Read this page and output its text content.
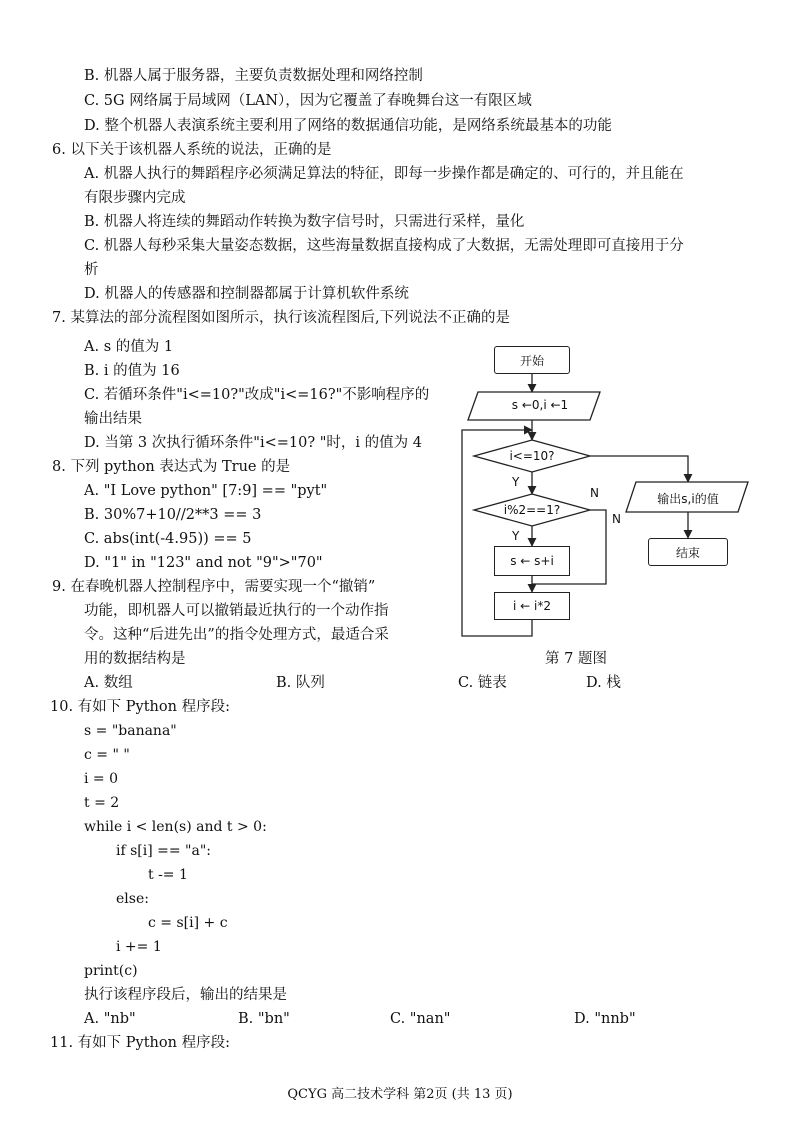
B. 机器人属于服务器，主要负责数据处理和网络控制
C. 5G 网络属于局域网（LAN），因为它覆盖了春晚舞台这一有限区域
D. 整个机器人表演系统主要利用了网络的数据通信功能，是网络系统最基本的功能
6. 以下关于该机器人系统的说法，正确的是
A. 机器人执行的舞蹈程序必须满足算法的特征，即每一步操作都是确定的、可行的，并且能在
有限步骤内完成
B. 机器人将连续的舞蹈动作转换为数字信号时，只需进行采样，量化
C. 机器人每秒采集大量姿态数据，这些海量数据直接构成了大数据，无需处理即可直接用于分
析
D. 机器人的传感器和控制器都属于计算机软件系统
7. 某算法的部分流程图如图所示，执行该流程图后,下列说法不正确的是
A. s 的值为 1
B. i 的值为 16
C. 若循环条件"i<=10?"改成"i<=16?"不影响程序的
输出结果
D. 当第 3 次执行循环条件"i<=10? "时，i 的值为 4
开始
s ←0,i ←1
i<=10?
i%2==1?
s ← s+i
i ← i*2
输出s,i的值
结束
Y
N
Y
N
第 7 题图
8. 下列 python 表达式为 True 的是
A. "I Love python" [7:9] == "pyt"
B. 30%7+10//2**3 == 3
C. abs(int(-4.95)) == 5
D. "1" in "123" and not "9">"70"
9. 在春晚机器人控制程序中，需要实现一个“撤销”
功能，即机器人可以撤销最近执行的一个动作指
令。这种“后进先出”的指令处理方式，最适合采
用的数据结构是
A. 数组	B. 队列	C. 链表	D. 栈
10. 有如下 Python 程序段:
s = "banana"
c = " "
i = 0
t = 2
while i < len(s) and t > 0:
if s[i] == "a":
t -= 1
else:
c = s[i] + c
i += 1
print(c)
执行该程序段后，输出的结果是
A. "nb"	B. "bn"	C. "nan"	D. "nnb"
11. 有如下 Python 程序段:
QCYG 高二技术学科 第2页 (共 13 页)
